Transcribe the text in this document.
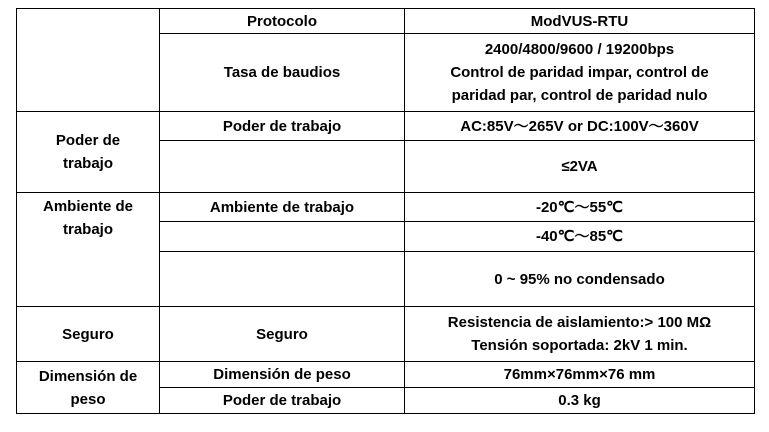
	Protocolo	ModVUS-RTU
	Tasa de baudios	2400/4800/9600 / 19200bps
Control de paridad impar, control de
paridad par, control de paridad nulo
Poder de
trabajo	Poder de trabajo	AC:85V～265V or DC:100V～360V
		≤2VA
Ambiente de
trabajo	Ambiente de trabajo	-20℃～55℃
		-40℃～85℃
		0 ~ 95% no condensado
Seguro	Seguro	Resistencia de aislamiento:> 100 MΩ
Tensión soportada: 2kV 1 min.
Dimensión de
peso	Dimensión de peso	76mm×76mm×76 mm
	Poder de trabajo	0.3 kg
